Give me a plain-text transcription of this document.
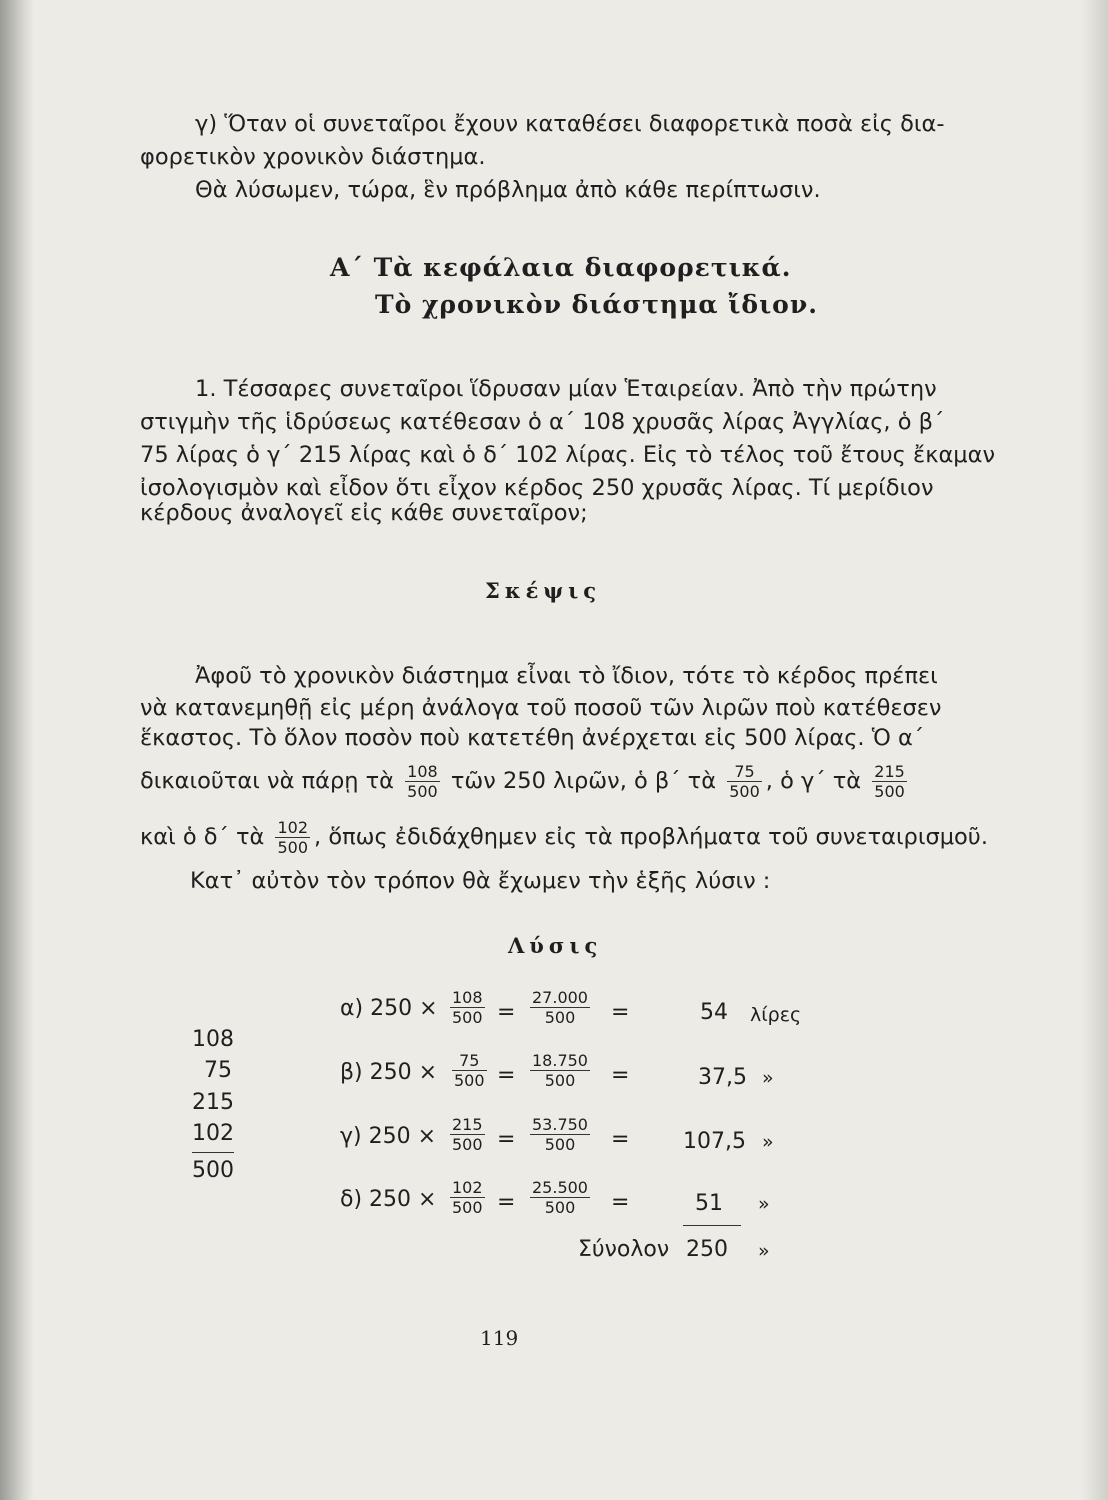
γ) Ὅταν οἱ συνεταῖροι ἔχουν καταθέσει διαφορετικὰ ποσὰ εἰς δια-
φορετικὸν χρονικὸν διάστημα.
Θὰ λύσωμεν, τώρα, ἓν πρόβλημα ἀπὸ κάθε περίπτωσιν.
Α΄ Τὰ κεφάλαια διαφορετικά.
Τὸ χρονικὸν διάστημα ἴδιον.
1. Τέσσαρες συνεταῖροι ἵδρυσαν μίαν Ἑταιρείαν. Ἀπὸ τὴν πρώτην
στιγμὴν τῆς ἱδρύσεως κατέθεσαν ὁ α΄ 108 χρυσᾶς λίρας Ἀγγλίας, ὁ β΄
75 λίρας ὁ γ΄ 215 λίρας καὶ ὁ δ΄ 102 λίρας. Εἰς τὸ τέλος τοῦ ἔτους ἔκαμαν
ἰσολογισμὸν καὶ εἶδον ὅτι εἶχον κέρδος 250 χρυσᾶς λίρας. Τί μερίδιον
κέρδους ἀναλογεῖ εἰς κάθε συνεταῖρον;
Σκέψις
Ἀφοῦ τὸ χρονικὸν διάστημα εἶναι τὸ ἴδιον, τότε τὸ κέρδος πρέπει
νὰ κατανεμηθῇ εἰς μέρη ἀνάλογα τοῦ ποσοῦ τῶν λιρῶν ποὺ κατέθεσεν
ἕκαστος. Τὸ ὅλον ποσὸν ποὺ κατετέθη ἀνέρχεται εἰς 500 λίρας. Ὁ α΄
δικαιοῦται νὰ πάρῃ τὰ $\frac{108}{500}$ τῶν 250 λιρῶν, ὁ β΄ τὰ $\frac{75}{500}$ , ὁ γ΄ τὰ $\frac{215}{500}$
καὶ ὁ δ΄ τὰ $\frac{102}{500}$ , ὅπως ἐδιδάχθημεν εἰς τὰ προβλήματα τοῦ συνεταιρισμοῦ.
Κατ᾽ αὐτὸν τὸν τρόπον θὰ ἔχωμεν τὴν ἑξῆς λύσιν :
Λύσις
108
75
215
102
500
α) $250 \times \frac{108}{500} = \frac{27.000}{500}$ =	54 λίρες
β) $250 \times \frac{75}{500} = \frac{18.750}{500}$ =	37,5 »
γ) $250 \times \frac{215}{500} = \frac{53.750}{500} = 107,5$ »
δ) $250 \times \frac{102}{500} = \frac{25.500}{500}$ =	51 »
Σύνολον 250 »
119
